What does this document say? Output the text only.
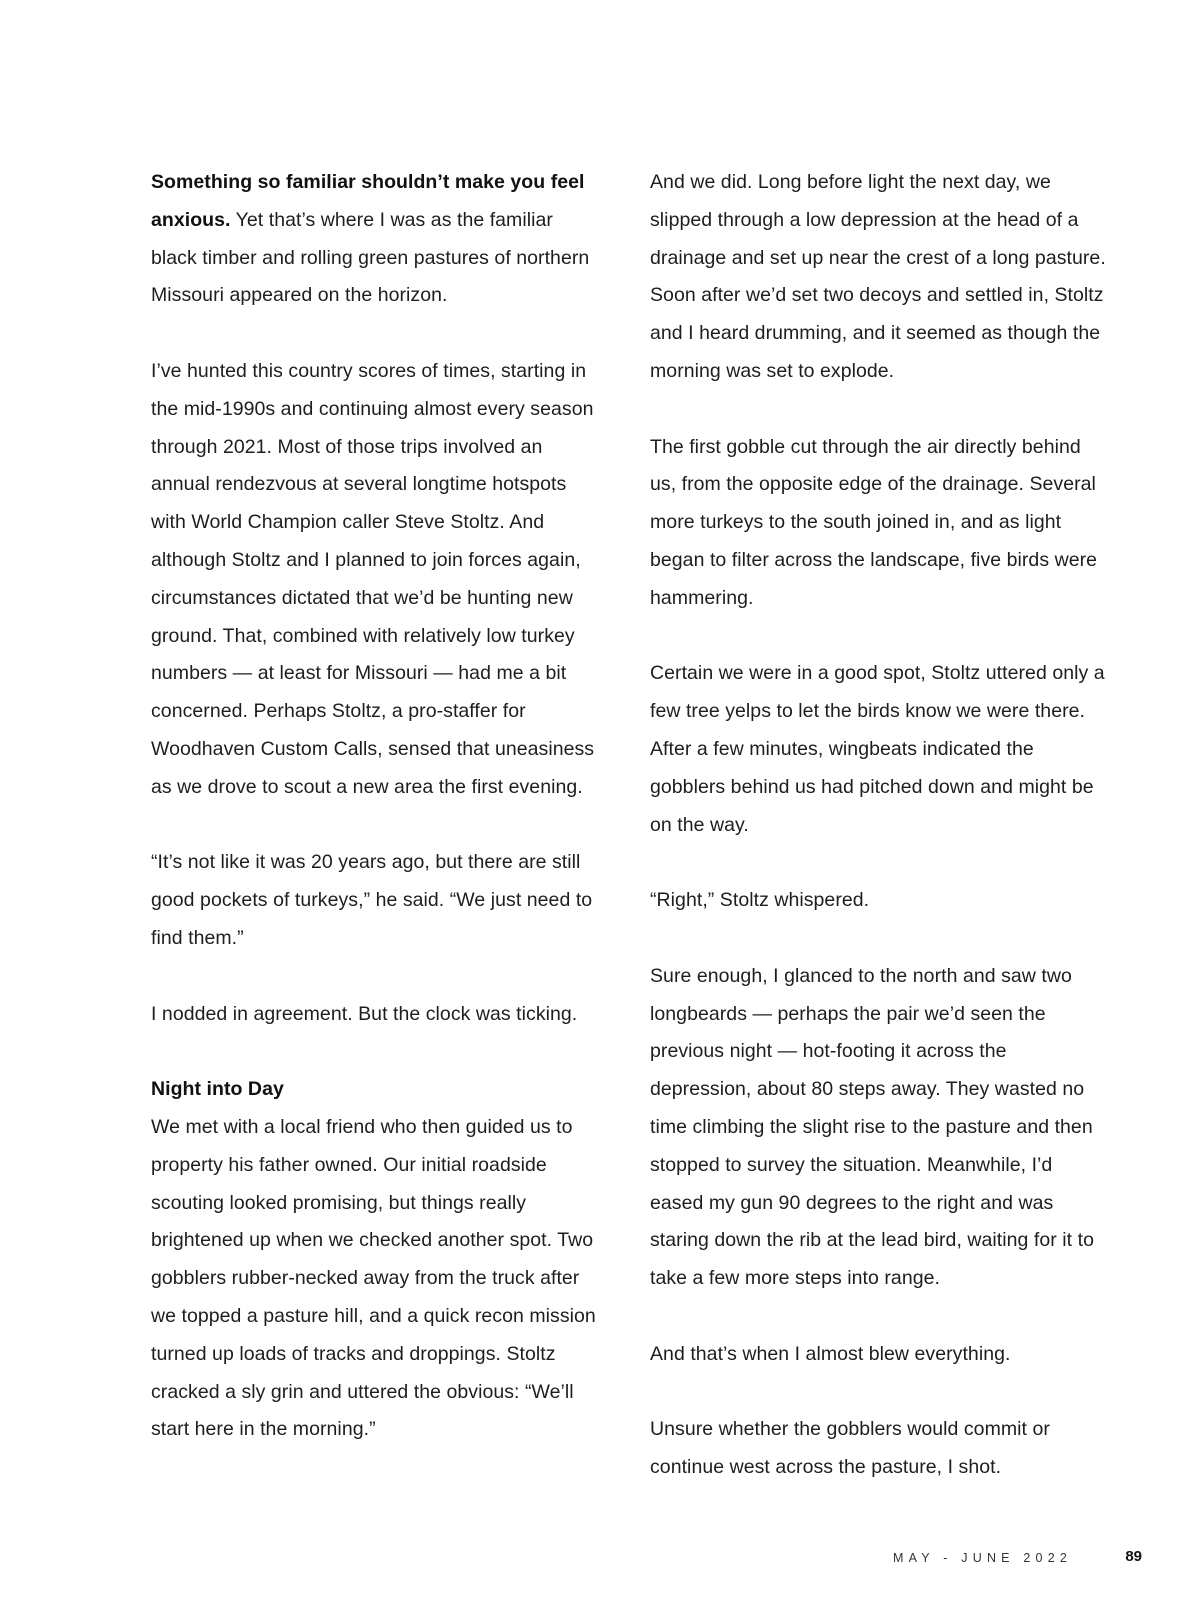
Something so familiar shouldn’t make you feel anxious. Yet that’s where I was as the familiar black timber and rolling green pastures of northern Missouri appeared on the horizon.

I’ve hunted this country scores of times, starting in the mid-1990s and continuing almost every season through 2021. Most of those trips involved an annual rendezvous at several longtime hotspots with World Champion caller Steve Stoltz. And although Stoltz and I planned to join forces again, circumstances dictated that we’d be hunting new ground. That, combined with relatively low turkey numbers — at least for Missouri — had me a bit concerned. Perhaps Stoltz, a pro-staffer for Woodhaven Custom Calls, sensed that uneasiness as we drove to scout a new area the first evening.

“It’s not like it was 20 years ago, but there are still good pockets of turkeys,” he said. “We just need to find them.”

I nodded in agreement. But the clock was ticking.

Night into Day

We met with a local friend who then guided us to property his father owned. Our initial roadside scouting looked promising, but things really brightened up when we checked another spot. Two gobblers rubber-necked away from the truck after we topped a pasture hill, and a quick recon mission turned up loads of tracks and droppings. Stoltz cracked a sly grin and uttered the obvious: “We’ll start here in the morning.”

And we did. Long before light the next day, we slipped through a low depression at the head of a drainage and set up near the crest of a long pasture. Soon after we’d set two decoys and settled in, Stoltz and I heard drumming, and it seemed as though the morning was set to explode.

The first gobble cut through the air directly behind us, from the opposite edge of the drainage. Several more turkeys to the south joined in, and as light began to filter across the landscape, five birds were hammering.

Certain we were in a good spot, Stoltz uttered only a few tree yelps to let the birds know we were there. After a few minutes, wingbeats indicated the gobblers behind us had pitched down and might be on the way.

“Right,” Stoltz whispered.

Sure enough, I glanced to the north and saw two longbeards — perhaps the pair we’d seen the previous night — hot-footing it across the depression, about 80 steps away. They wasted no time climbing the slight rise to the pasture and then stopped to survey the situation. Meanwhile, I’d eased my gun 90 degrees to the right and was staring down the rib at the lead bird, waiting for it to take a few more steps into range.

And that’s when I almost blew everything.

Unsure whether the gobblers would commit or continue west across the pasture, I shot.

MAY - JUNE 2022	89
